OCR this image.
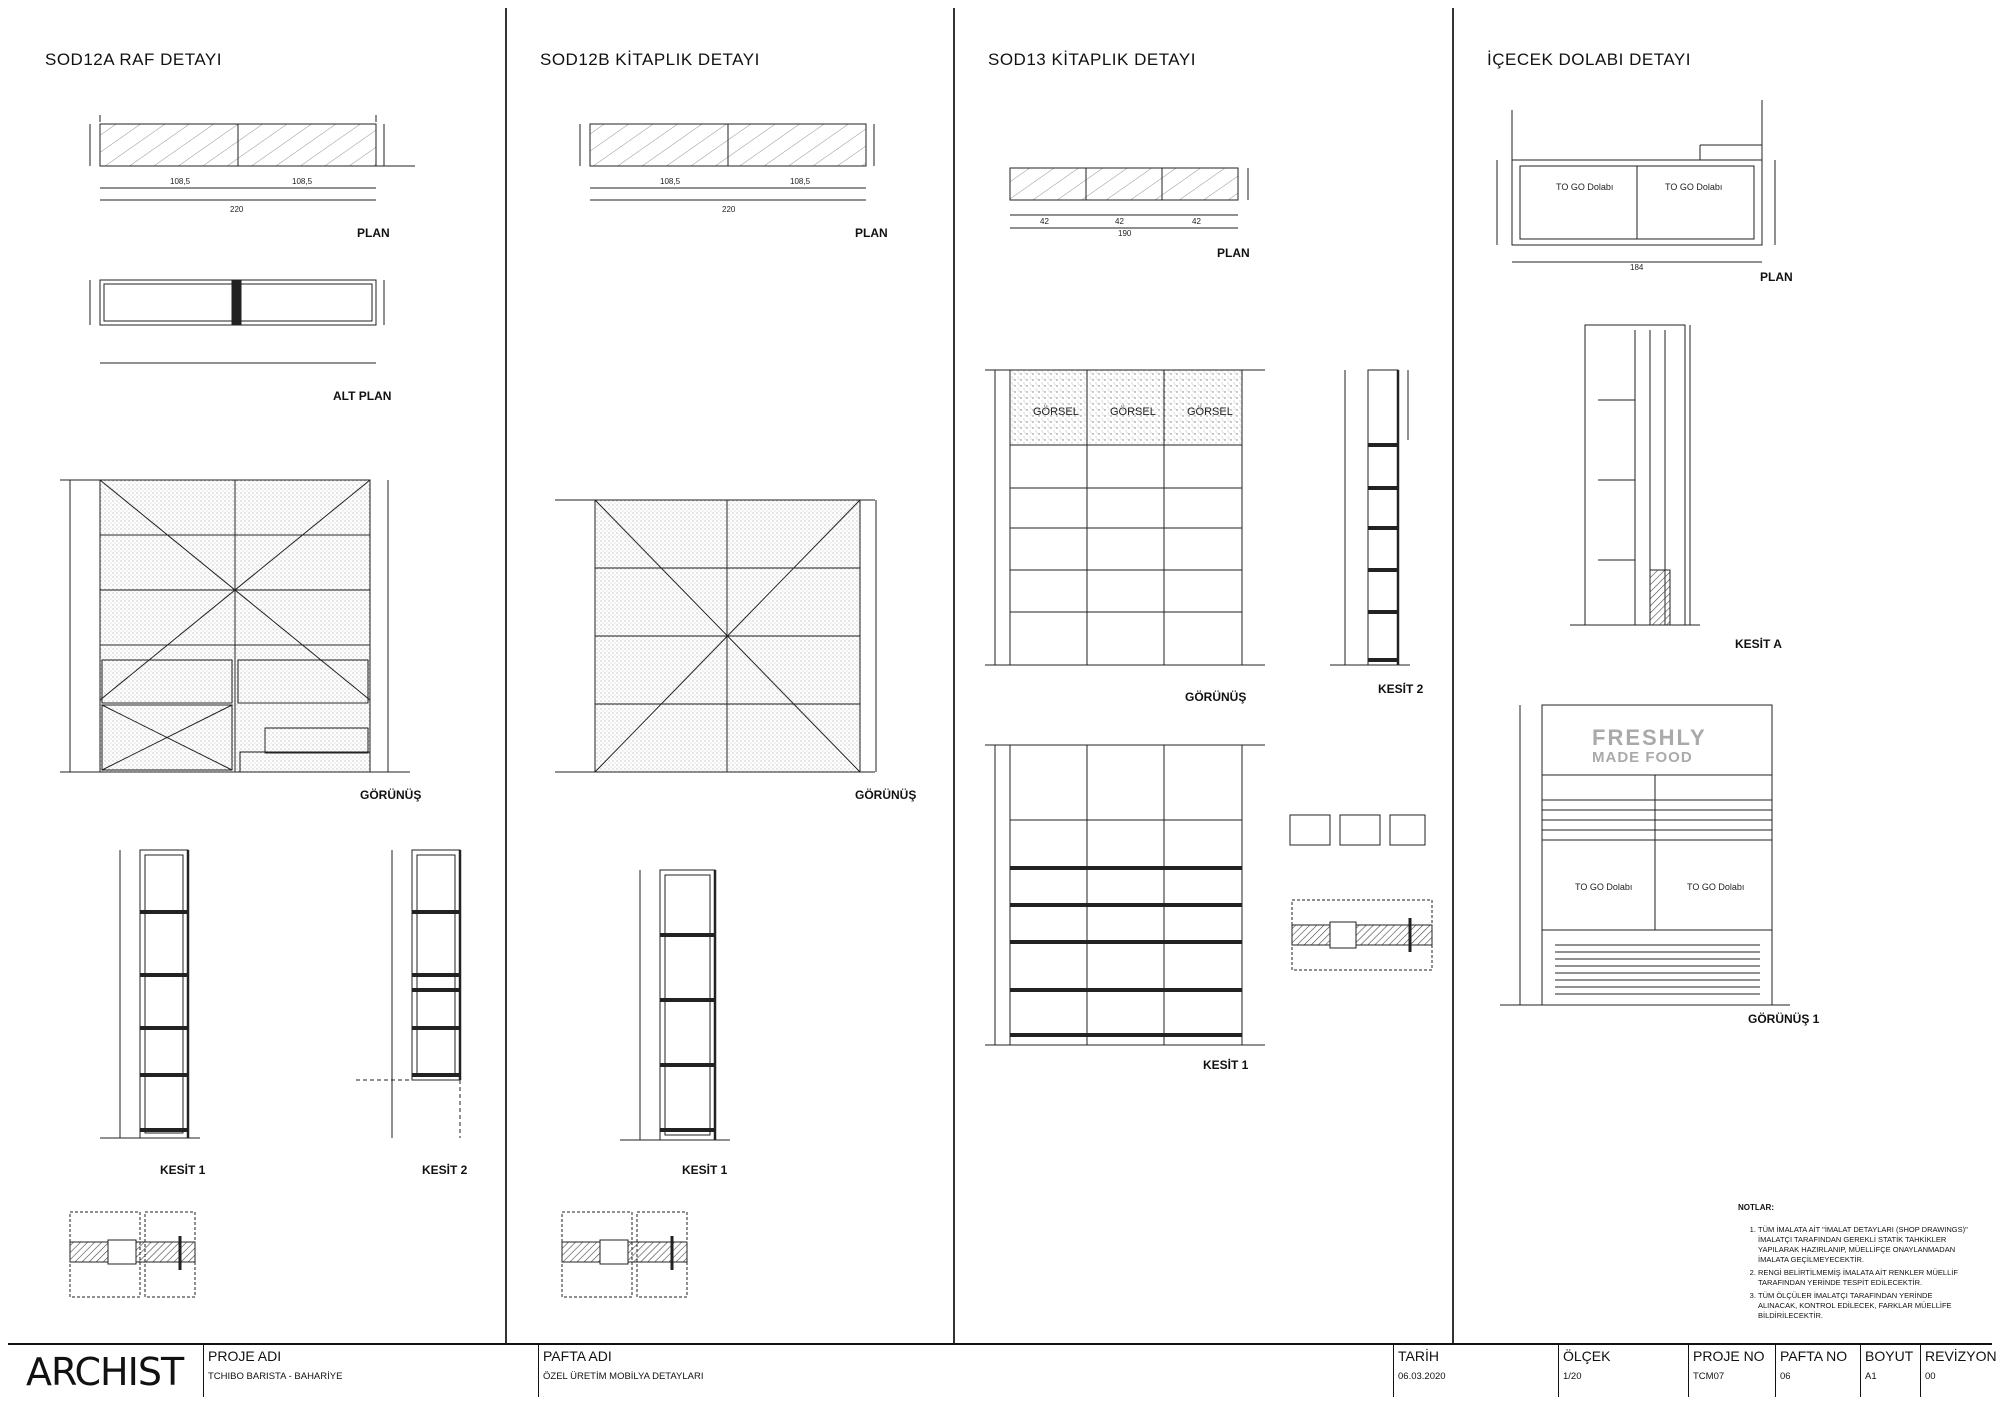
SOD12A RAF DETAYI	SOD12B KİTAPLIK DETAYI	SOD13 KİTAPLIK DETAYI	İÇECEK DOLABI DETAYI
PLAN
ALT PLAN
GÖRÜNÜŞ
KESİT 1	KESİT 2
PLAN
GÖRÜNÜŞ
KESİT 1
PLAN
GÖRÜNÜŞ
KESİT 2
KESİT 1
PLAN
KESİT A
GÖRÜNÜŞ 1
108,5	108,5
220
108,5	108,5
220
42	42	42
190
184
GÖRSEL	GÖRSEL	GÖRSEL
TO GO Dolabı	TO GO Dolabı
TO GO Dolabı	TO GO Dolabı
FRESHLY
MADE FOOD
NOTLAR:
1. TÜM İMALATA AİT "İMALAT DETAYLARI (SHOP DRAWINGS)" İMALATÇI TARAFINDAN GEREKLİ STATİK TAHKİKLER YAPILARAK HAZIRLANIP, MÜELLİFÇE ONAYLANMADAN İMALATA GEÇİLMEYECEKTİR.
2. RENGİ BELİRTİLMEMİŞ İMALATA AİT RENKLER MÜELLİF TARAFINDAN YERİNDE TESPİT EDİLECEKTİR.
3. TÜM ÖLÇÜLER İMALATÇI TARAFINDAN YERİNDE ALINACAK, KONTROL EDİLECEK, FARKLAR MÜELLİFE BİLDİRİLECEKTİR.
ARCHIST PROJE ADI
TCHIBO BARISTA - BAHARİYE
PAFTA ADI
ÖZEL ÜRETİM MOBİLYA DETAYLARI
TARİH
06.03.2020
ÖLÇEK
1/20
PROJE NO
TCM07
PAFTA NO
06
BOYUT
A1
REVİZYON
00
